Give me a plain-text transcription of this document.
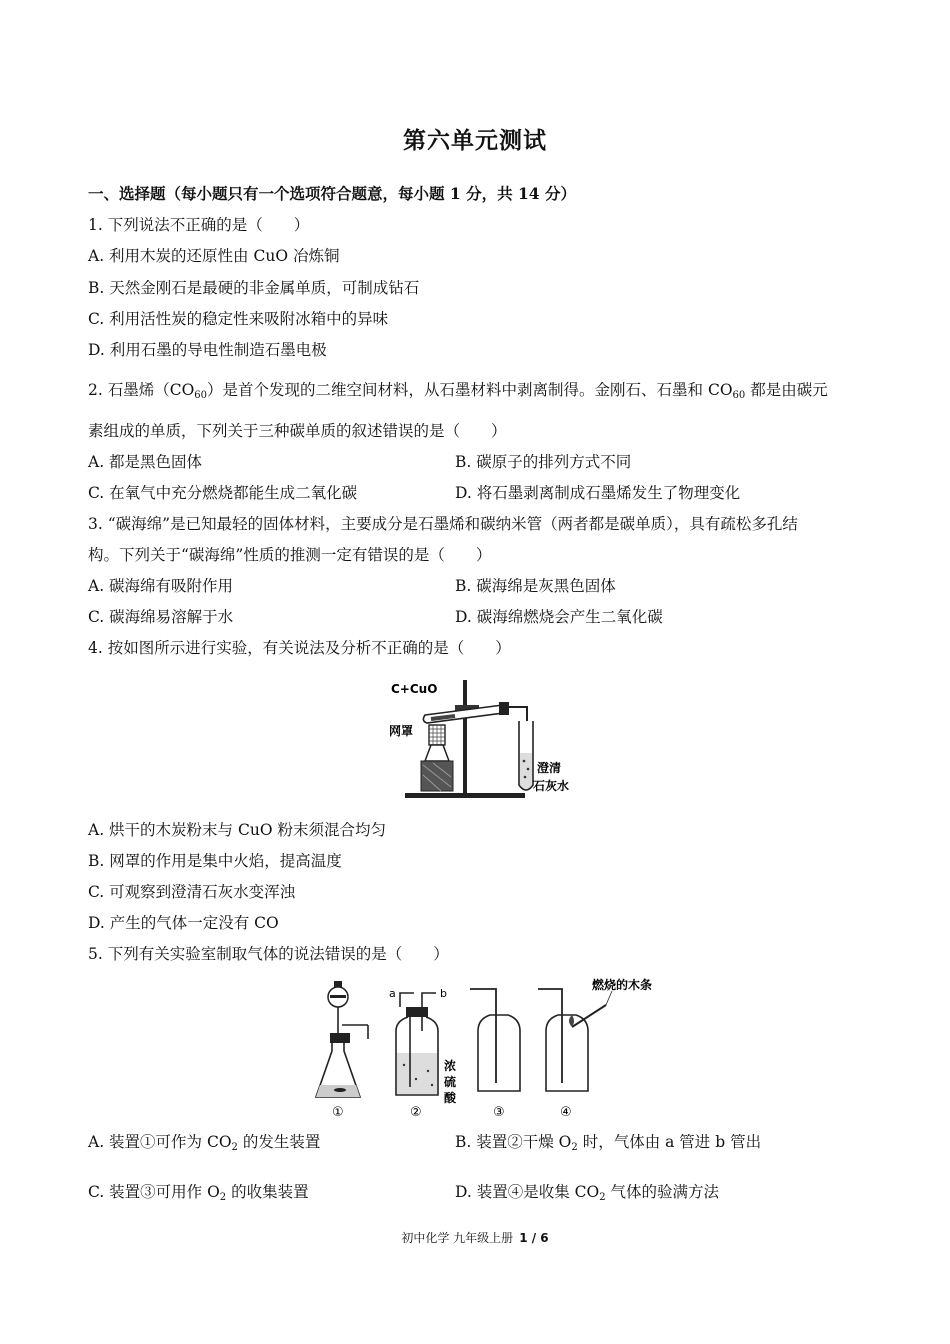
第六单元测试
一、选择题（每小题只有一个选项符合题意，每小题 1 分，共 14 分）
1. 下列说法不正确的是（　　）
A. 利用木炭的还原性由 CuO 冶炼铜
B. 天然金刚石是最硬的非金属单质，可制成钻石
C. 利用活性炭的稳定性来吸附冰箱中的异味
D. 利用石墨的导电性制造石墨电极
2. 石墨烯$(CO_{60})$是首个发现的二维空间材料，从石墨材料中剥离制得。金刚石、石墨和 $CO_{60}$ 都是由碳元
素组成的单质，下列关于三种碳单质的叙述错误的是（　　）
A. 都是黑色固体	B. 碳原子的排列方式不同
C. 在氧气中充分燃烧都能生成二氧化碳	D. 将石墨剥离制成石墨烯发生了物理变化
3. “碳海绵”是已知最轻的固体材料，主要成分是石墨烯和碳纳米管（两者都是碳单质），具有疏松多孔结
构。下列关于“碳海绵”性质的推测一定有错误的是（　　）
A. 碳海绵有吸附作用	B. 碳海绵是灰黑色固体
C. 碳海绵易溶解于水	D. 碳海绵燃烧会产生二氧化碳
4. 按如图所示进行实验，有关说法及分析不正确的是（　　）
C+CuO
网罩
澄清
石灰水
A. 烘干的木炭粉末与 CuO 粉末须混合均匀
B. 网罩的作用是集中火焰，提高温度
C. 可观察到澄清石灰水变浑浊
D. 产生的气体一定没有 CO
5. 下列有关实验室制取气体的说法错误的是（　　）
a	b
浓
硫
酸
燃烧的木条
①	②	③	④
A. 装置①可作为 $CO_2$ 的发生装置	B. 装置②干燥 $O_2$ 时，气体由 a 管进 b 管出
C. 装置③可用作 $O_2$ 的收集装置	D. 装置④是收集 $CO_2$ 气体的验满方法
初中化学 九年级上册 1 / 6
